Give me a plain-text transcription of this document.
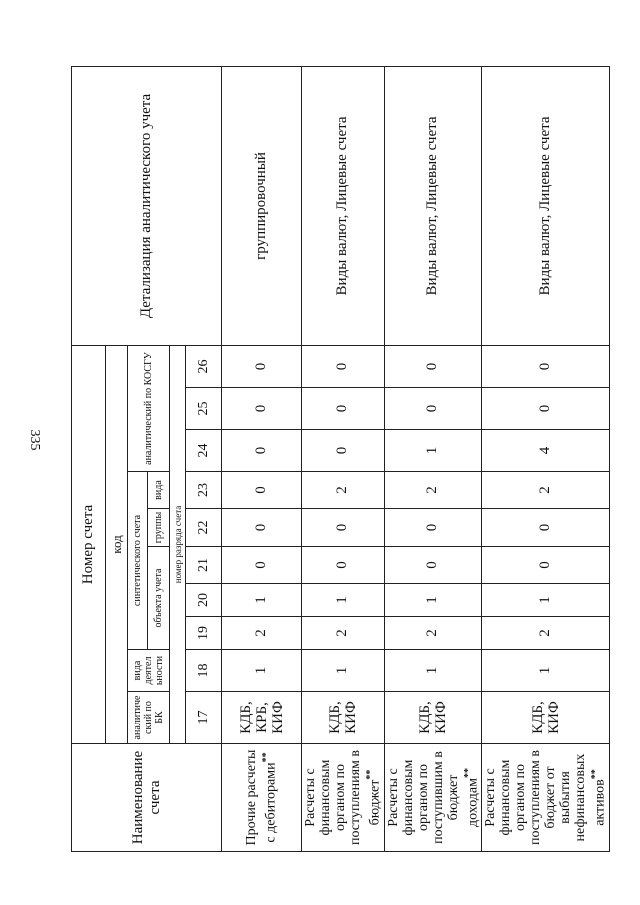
335
Наименование счета	Номер счета										Детализация аналитического учета
	код										
	аналитиче ский по БК	вида деятел ьности	синтетического счета					аналитический по КОСГУ			
			объекта учета			группы	вида				
	номер разряда счета										
	17	18	19	20	21	22	23	24	25	26	
Прочие расчеты с дебиторами**	КДБ, КРБ, КИФ	1	2	1	0	0	0	0	0	0	группировочный
Расчеты с финансовым органом по поступлениям в бюджет**	КДБ, КИФ	1	2	1	0	0	2	0	0	0	Виды валют, Лицевые счета
Расчеты с финансовым органом по поступившим в бюджет доходам**	КДБ, КИФ	1	2	1	0	0	2	1	0	0	Виды валют, Лицевые счета
Расчеты с финансовым органом по поступлениям в бюджет от выбытия нефинансовых активов**	КДБ, КИФ	1	2	1	0	0	2	4	0	0	Виды валют, Лицевые счета
